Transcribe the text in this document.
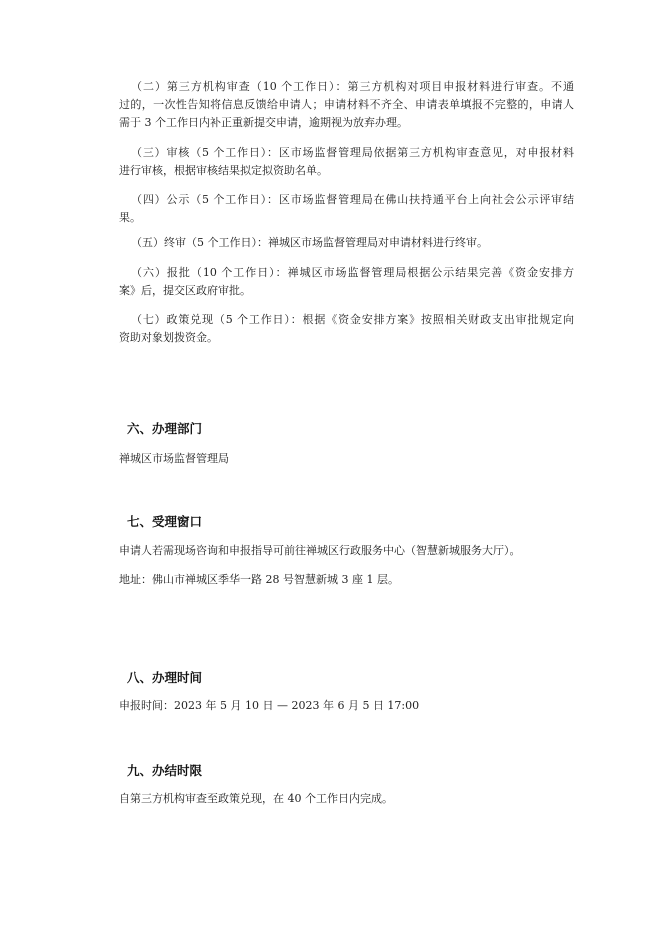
（二）第三方机构审查（10 个工作日）：第三方机构对项目申报材料进行审查。不通
过的，一次性告知将信息反馈给申请人；申请材料不齐全、申请表单填报不完整的，申请人
需于 3 个工作日内补正重新提交申请，逾期视为放弃办理。
（三）审核（5 个工作日）：区市场监督管理局依据第三方机构审查意见，对申报材料
进行审核，根据审核结果拟定拟资助名单。
（四）公示（5 个工作日）：区市场监督管理局在佛山扶持通平台上向社会公示评审结
果。
（五）终审（5 个工作日）：禅城区市场监督管理局对申请材料进行终审。
（六）报批（10 个工作日）：禅城区市场监督管理局根据公示结果完善《资金安排方
案》后，提交区政府审批。
（七）政策兑现（5 个工作日）：根据《资金安排方案》按照相关财政支出审批规定向
资助对象划拨资金。
六、办理部门
禅城区市场监督管理局
七、受理窗口
申请人若需现场咨询和申报指导可前往禅城区行政服务中心（智慧新城服务大厅）。
地址：佛山市禅城区季华一路 28 号智慧新城 3 座 1 层。
八、办理时间
申报时间：2023 年 5 月 10 日 — 2023 年 6 月 5 日 17:00
九、办结时限
自第三方机构审查至政策兑现，在 40 个工作日内完成。
